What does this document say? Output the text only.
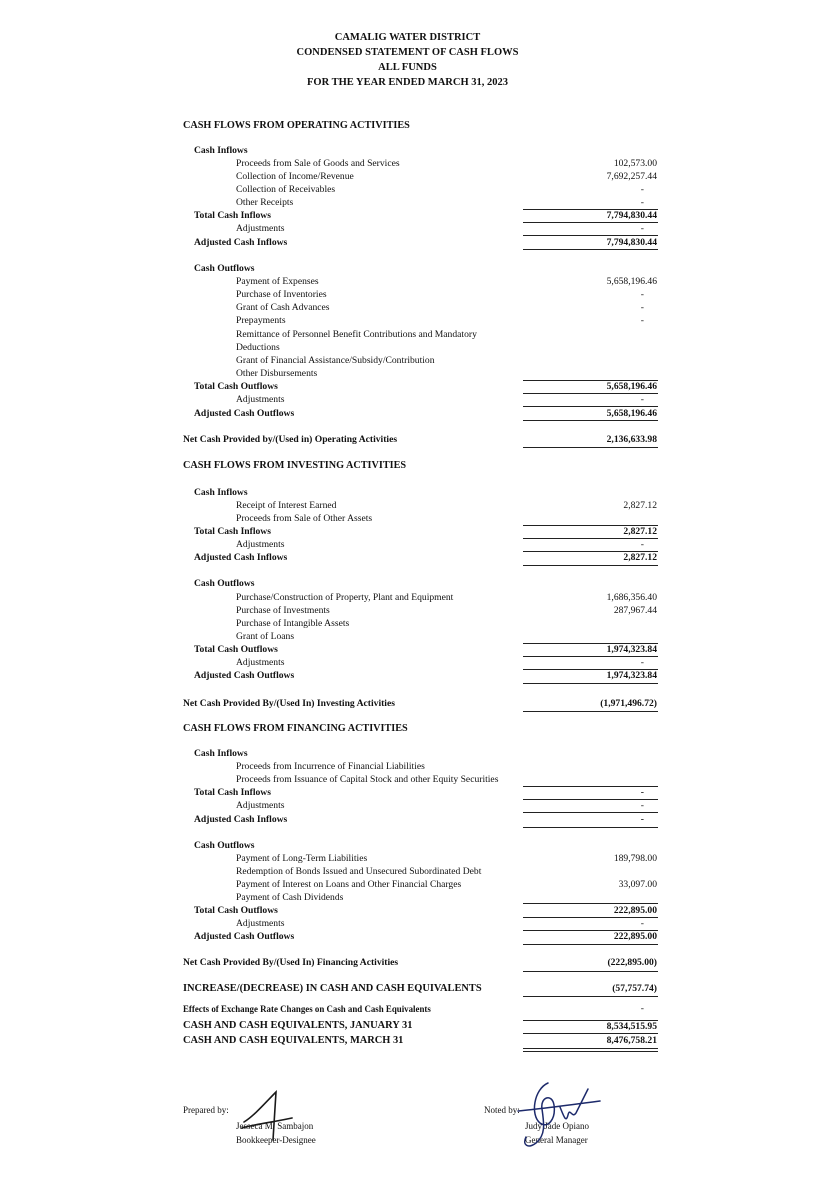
CAMALIG WATER DISTRICT
CONDENSED STATEMENT OF CASH FLOWS
ALL FUNDS
FOR THE YEAR ENDED MARCH 31, 2023
CASH FLOWS FROM OPERATING ACTIVITIES
Cash Inflows
Proceeds from Sale of Goods and Services	102,573.00
Collection of Income/Revenue	7,692,257.44
Collection of Receivables	-
Other Receipts	-
Total Cash Inflows	7,794,830.44
Adjustments	-
Adjusted Cash Inflows	7,794,830.44
Cash Outflows
Payment of Expenses	5,658,196.46
Purchase of Inventories	-
Grant of Cash Advances	-
Prepayments	-
Remittance of Personnel Benefit Contributions and Mandatory
Deductions
Grant of Financial Assistance/Subsidy/Contribution
Other Disbursements
Total Cash Outflows	5,658,196.46
Adjustments	-
Adjusted Cash Outflows	5,658,196.46
Net Cash Provided by/(Used in) Operating Activities	2,136,633.98
CASH FLOWS FROM INVESTING ACTIVITIES
Cash Inflows
Receipt of Interest Earned	2,827.12
Proceeds from Sale of Other Assets
Total Cash Inflows	2,827.12
Adjustments	-
Adjusted Cash Inflows	2,827.12
Cash Outflows
Purchase/Construction of Property, Plant and Equipment	1,686,356.40
Purchase of Investments	287,967.44
Purchase of Intangible Assets
Grant of Loans
Total Cash Outflows	1,974,323.84
Adjustments	-
Adjusted Cash Outflows	1,974,323.84
Net Cash Provided By/(Used In) Investing Activities	(1,971,496.72)
CASH FLOWS FROM FINANCING ACTIVITIES
Cash Inflows
Proceeds from Incurrence of Financial Liabilities
Proceeds from Issuance of Capital Stock and other Equity Securities
Total Cash Inflows	-
Adjustments	-
Adjusted Cash Inflows	-
Cash Outflows
Payment of Long-Term Liabilities	189,798.00
Redemption of Bonds Issued and Unsecured Subordinated Debt
Payment of Interest on Loans and Other Financial Charges	33,097.00
Payment of Cash Dividends
Total Cash Outflows	222,895.00
Adjustments	-
Adjusted Cash Outflows	222,895.00
Net Cash Provided By/(Used In) Financing Activities	(222,895.00)
INCREASE/(DECREASE) IN CASH AND CASH EQUIVALENTS	(57,757.74)
Effects of Exchange Rate Changes on Cash and Cash Equivalents	-
CASH AND CASH EQUIVALENTS, JANUARY 31	8,534,515.95
CASH AND CASH EQUIVALENTS, MARCH 31	8,476,758.21
Prepared by:
Jesseca M. Sambajon
Bookkeeper-Designee
Noted by:
Judy Jade Opiano
General Manager
